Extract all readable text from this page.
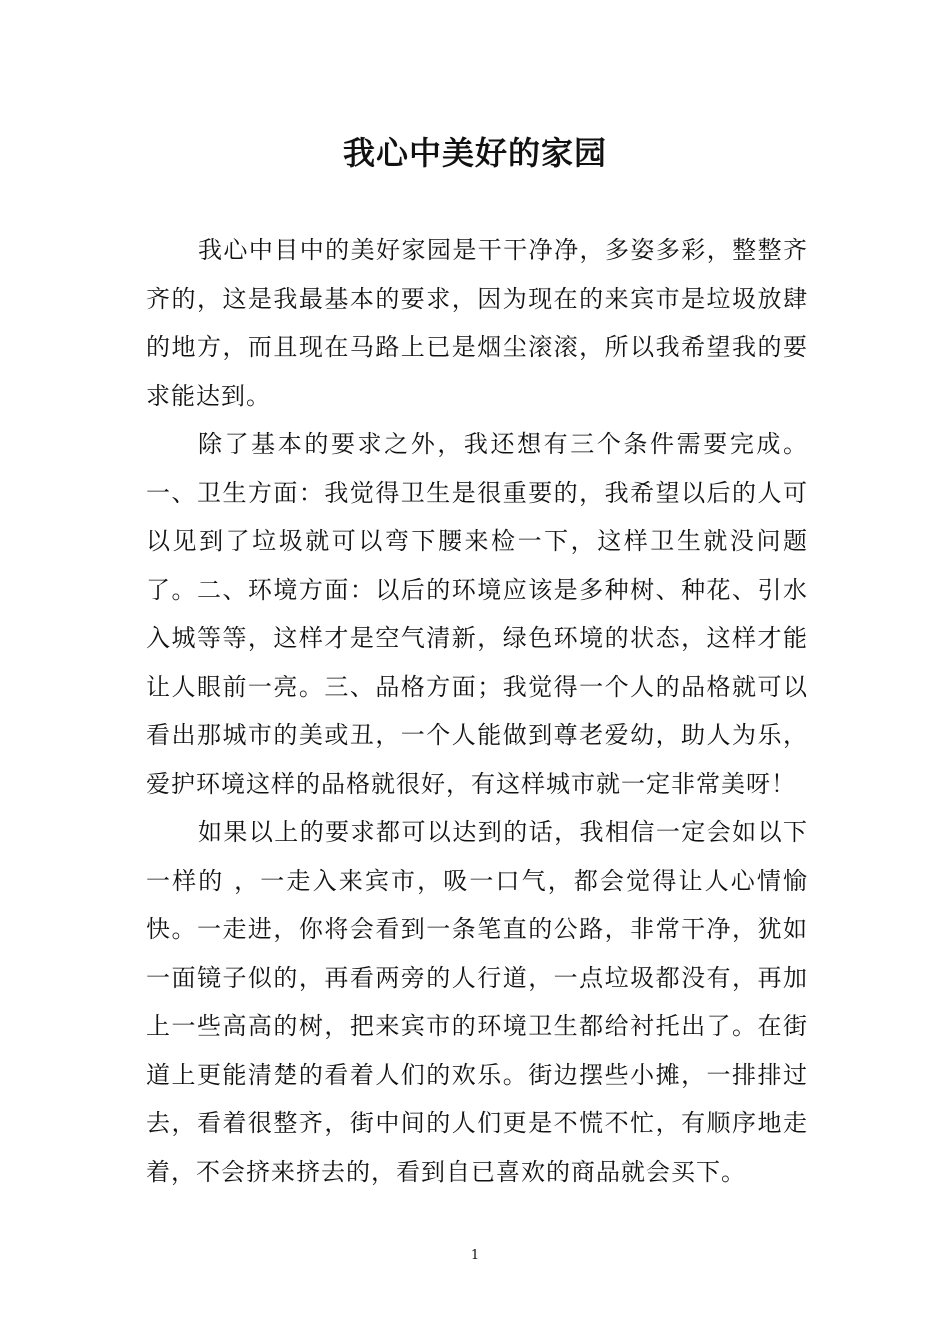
我心中美好的家园

我心中目中的美好家园是干干净净，多姿多彩，整整齐齐的，这是我最基本的要求，因为现在的来宾市是垃圾放肆的地方，而且现在马路上已是烟尘滚滚，所以我希望我的要求能达到。

除了基本的要求之外，我还想有三个条件需要完成。一、卫生方面：我觉得卫生是很重要的，我希望以后的人可以见到了垃圾就可以弯下腰来检一下，这样卫生就没问题了。二、环境方面：以后的环境应该是多种树、种花、引水入城等等，这样才是空气清新，绿色环境的状态，这样才能让人眼前一亮。三、品格方面；我觉得一个人的品格就可以看出那城市的美或丑，一个人能做到尊老爱幼，助人为乐，爱护环境这样的品格就很好，有这样城市就一定非常美呀！

如果以上的要求都可以达到的话，我相信一定会如以下一样的 ，一走入来宾市，吸一口气，都会觉得让人心情愉快。一走进，你将会看到一条笔直的公路，非常干净，犹如一面镜子似的，再看两旁的人行道，一点垃圾都没有，再加上一些高高的树，把来宾市的环境卫生都给衬托出了。在街道上更能清楚的看着人们的欢乐。街边摆些小摊，一排排过去，看着很整齐，街中间的人们更是不慌不忙，有顺序地走着，不会挤来挤去的，看到自已喜欢的商品就会买下。

1
